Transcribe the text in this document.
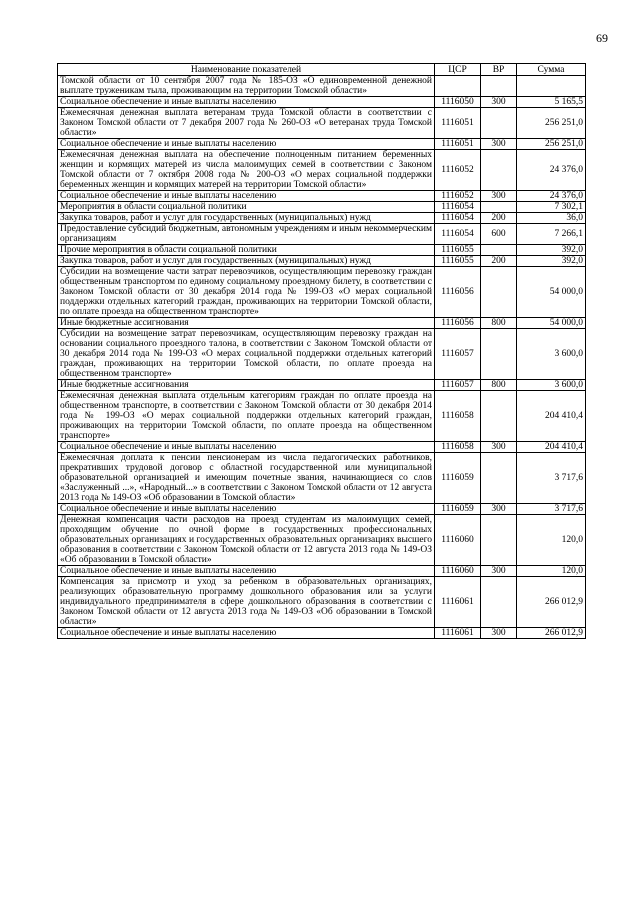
69
Наименование показателей	ЦСР	ВР	Сумма
Томской области от 10 сентября 2007 года № 185-ОЗ «О единовременной денежной выплате труженикам тыла, проживающим на территории Томской области»			
Социальное обеспечение и иные выплаты населению	1116050	300	5 165,5
Ежемесячная денежная выплата ветеранам труда Томской области в соответствии с Законом Томской области от 7 декабря 2007 года № 260-ОЗ «О ветеранах труда Томской области»	1116051		256 251,0
Социальное обеспечение и иные выплаты населению	1116051	300	256 251,0
Ежемесячная денежная выплата на обеспечение полноценным питанием беременных женщин и кормящих матерей из числа малоимущих семей в соответствии с Законом Томской области от 7 октября 2008 года № 200-ОЗ «О мерах социальной поддержки беременных женщин и кормящих матерей на территории Томской области»	1116052		24 376,0
Социальное обеспечение и иные выплаты населению	1116052	300	24 376,0
Мероприятия в области социальной политики	1116054		7 302,1
Закупка товаров, работ и услуг для государственных (муниципальных) нужд	1116054	200	36,0
Предоставление субсидий бюджетным, автономным учреждениям и иным некоммерческим организациям	1116054	600	7 266,1
Прочие мероприятия в области социальной политики	1116055		392,0
Закупка товаров, работ и услуг для государственных (муниципальных) нужд	1116055	200	392,0
Субсидии на возмещение части затрат перевозчиков, осуществляющим перевозку граждан общественным транспортом по единому социальному проездному билету, в соответствии с Законом Томской области от 30 декабря 2014 года № 199-ОЗ «О мерах социальной поддержки отдельных категорий граждан, проживающих на территории Томской области, по оплате проезда на общественном транспорте»	1116056		54 000,0
Иные бюджетные ассигнования	1116056	800	54 000,0
Субсидии на возмещение затрат перевозчикам, осуществляющим перевозку граждан на основании социального проездного талона, в соответствии с Законом Томской области от 30 декабря 2014 года № 199-ОЗ «О мерах социальной поддержки отдельных категорий граждан, проживающих на территории Томской области, по оплате проезда на общественном транспорте»	1116057		3 600,0
Иные бюджетные ассигнования	1116057	800	3 600,0
Ежемесячная денежная выплата отдельным категориям граждан по оплате проезда на общественном транспорте, в соответствии с Законом Томской области от 30 декабря 2014 года № 199-ОЗ «О мерах социальной поддержки отдельных категорий граждан, проживающих на территории Томской области, по оплате проезда на общественном транспорте»	1116058		204 410,4
Социальное обеспечение и иные выплаты населению	1116058	300	204 410,4
Ежемесячная доплата к пенсии пенсионерам из числа педагогических работников, прекративших трудовой договор с областной государственной или муниципальной образовательной организацией и имеющим почетные звания, начинающиеся со слов «Заслуженный ...», «Народный...» в соответствии с Законом Томской области от 12 августа 2013 года № 149-ОЗ «Об образовании в Томской области»	1116059		3 717,6
Социальное обеспечение и иные выплаты населению	1116059	300	3 717,6
Денежная компенсация части расходов на проезд студентам из малоимущих семей, проходящим обучение по очной форме в государственных профессиональных образовательных организациях и государственных образовательных организациях высшего образования в соответствии с Законом Томской области от 12 августа 2013 года № 149-ОЗ «Об образовании в Томской области»	1116060		120,0
Социальное обеспечение и иные выплаты населению	1116060	300	120,0
Компенсация за присмотр и уход за ребенком в образовательных организациях, реализующих образовательную программу дошкольного образования или за услуги индивидуального предпринимателя в сфере дошкольного образования в соответствии с Законом Томской области от 12 августа 2013 года № 149-ОЗ «Об образовании в Томской области»	1116061		266 012,9
Социальное обеспечение и иные выплаты населению	1116061	300	266 012,9
